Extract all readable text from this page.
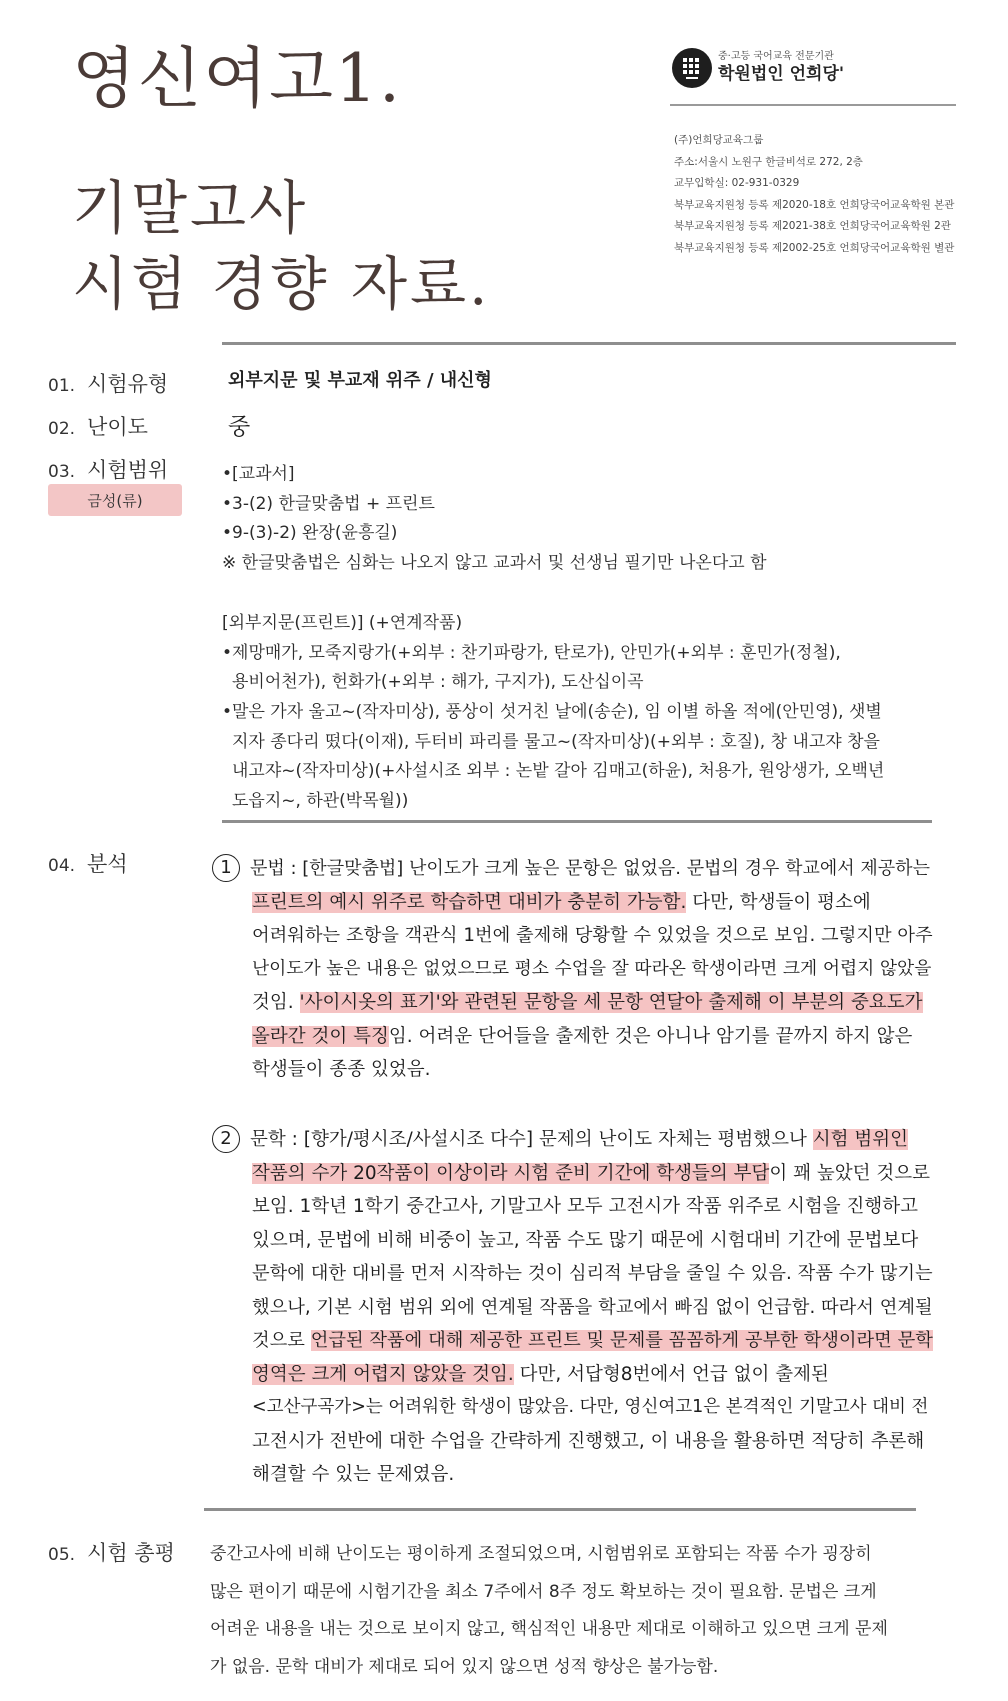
영신여고1.
기말고사
시험 경향 자료.
중·고등 국어교육 전문기관
학원법인 언희당'
(주)언희당교육그룹
주소:서울시 노원구 한글비석로 272, 2층
교무입학실: 02-931-0329
북부교육지원청 등록 제2020-18호 언희당국어교육학원 본관
북부교육지원청 등록 제2021-38호 언희당국어교육학원 2관
북부교육지원청 등록 제2002-25호 언희당국어교육학원 별관
01. 시험유형	외부지문 및 부교재 위주 / 내신형
02. 난이도	중
03. 시험범위
금성(류)
•[교과서]
•3-(2) 한글맞춤법 + 프린트
•9-(3)-2) 완장(윤흥길)
※ 한글맞춤법은 심화는 나오지 않고 교과서 및 선생님 필기만 나온다고 함
[외부지문(프린트)] (+연계작품)
•제망매가, 모죽지랑가(+외부 : 찬기파랑가, 탄로가), 안민가(+외부 : 훈민가(정철),
용비어천가), 헌화가(+외부 : 해가, 구지가), 도산십이곡
•말은 가자 울고~(작자미상), 풍상이 섯거친 날에(송순), 임 이별 하올 적에(안민영), 샛별
지자 종다리 떴다(이재), 두터비 파리를 물고~(작자미상)(+외부 : 호질), 창 내고쟈 창을
내고쟈~(작자미상)(+사설시조 외부 : 논밭 갈아 김매고(하윤), 처용가, 원앙생가, 오백년
도읍지~, 하관(박목월))
04. 분석	1 문법 : [한글맞춤법] 난이도가 크게 높은 문항은 없었음. 문법의 경우 학교에서 제공하는
프린트의 예시 위주로 학습하면 대비가 충분히 가능함. 다만, 학생들이 평소에
어려워하는 조항을 객관식 1번에 출제해 당황할 수 있었을 것으로 보임. 그렇지만 아주
난이도가 높은 내용은 없었으므로 평소 수업을 잘 따라온 학생이라면 크게 어렵지 않았을
것임. '사이시옷의 표기'와 관련된 문항을 세 문항 연달아 출제해 이 부분의 중요도가
올라간 것이 특징임. 어려운 단어들을 출제한 것은 아니나 암기를 끝까지 하지 않은
학생들이 종종 있었음.
2 문학 : [향가/평시조/사설시조 다수] 문제의 난이도 자체는 평범했으나 시험 범위인
작품의 수가 20작품이 이상이라 시험 준비 기간에 학생들의 부담이 꽤 높았던 것으로
보임. 1학년 1학기 중간고사, 기말고사 모두 고전시가 작품 위주로 시험을 진행하고
있으며, 문법에 비해 비중이 높고, 작품 수도 많기 때문에 시험대비 기간에 문법보다
문학에 대한 대비를 먼저 시작하는 것이 심리적 부담을 줄일 수 있음. 작품 수가 많기는
했으나, 기본 시험 범위 외에 연계될 작품을 학교에서 빠짐 없이 언급함. 따라서 연계될
것으로 언급된 작품에 대해 제공한 프린트 및 문제를 꼼꼼하게 공부한 학생이라면 문학
영역은 크게 어렵지 않았을 것임. 다만, 서답형8번에서 언급 없이 출제된
<고산구곡가>는 어려워한 학생이 많았음. 다만, 영신여고1은 본격적인 기말고사 대비 전
고전시가 전반에 대한 수업을 간략하게 진행했고, 이 내용을 활용하면 적당히 추론해
해결할 수 있는 문제였음.
05. 시험 총평 중간고사에 비해 난이도는 평이하게 조절되었으며, 시험범위로 포함되는 작품 수가 굉장히
많은 편이기 때문에 시험기간을 최소 7주에서 8주 정도 확보하는 것이 필요함. 문법은 크게
어려운 내용을 내는 것으로 보이지 않고, 핵심적인 내용만 제대로 이해하고 있으면 크게 문제
가 없음. 문학 대비가 제대로 되어 있지 않으면 성적 향상은 불가능함.
